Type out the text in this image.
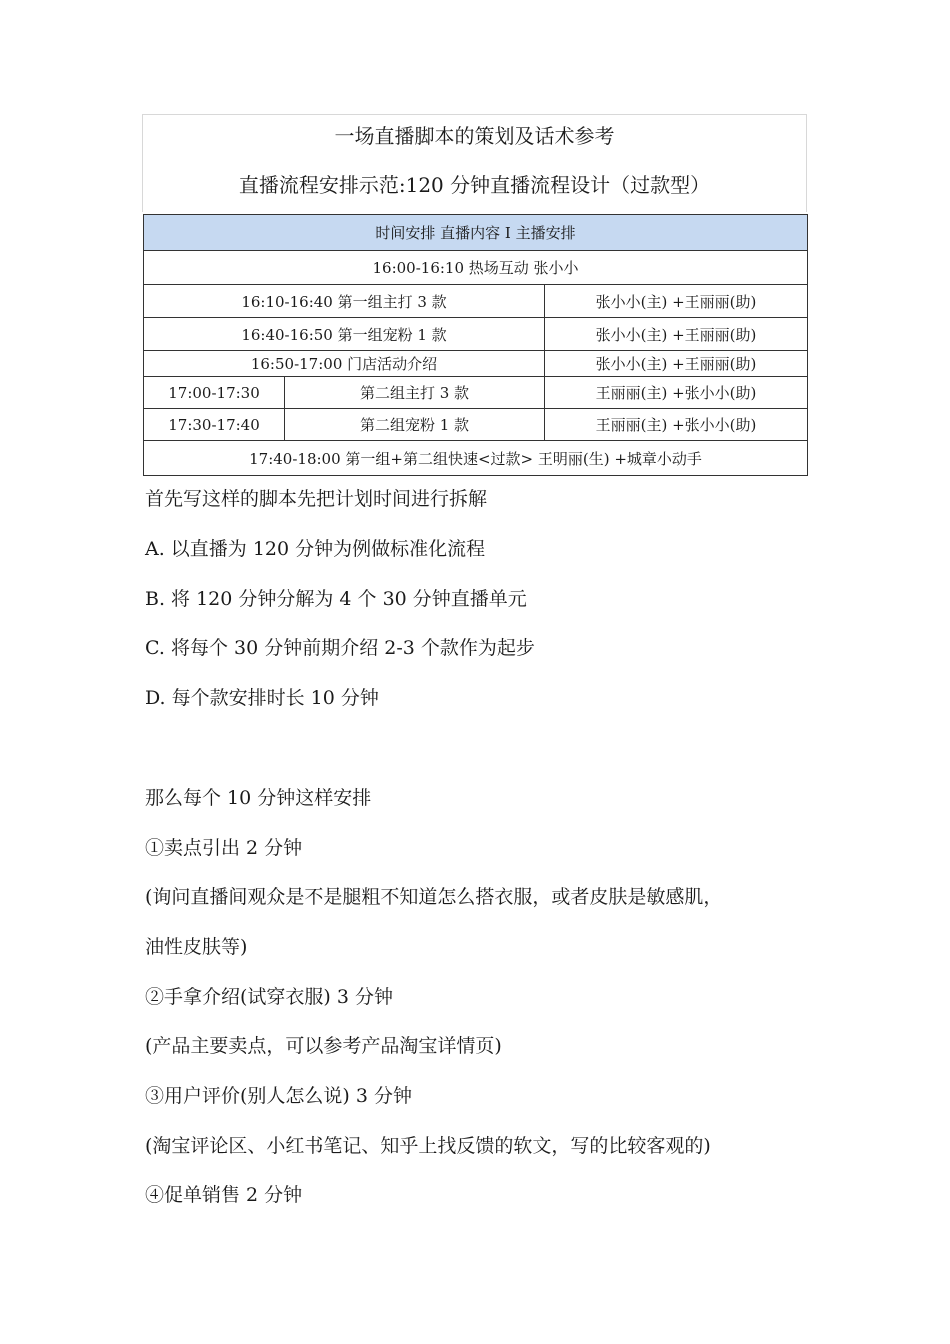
一场直播脚本的策划及话术参考
直播流程安排示范:120 分钟直播流程设计（过款型）
时间安排 直播内容 I 主播安排		
16:00-16:10 热场互动 张小小		
16:10-16:40 第一组主打 3 款		张小小(主) +王丽丽(助)
16:40-16:50 第一组宠粉 1 款		张小小(主) +王丽丽(助)
16:50-17:00 门店活动介绍		张小小(主) +王丽丽(助)
17:00-17:30	第二组主打 3 款	王丽丽(主) +张小小(助)
17:30-17:40	第二组宠粉 1 款	王丽丽(主) +张小小(助)
17:40-18:00 第一组+第二组快速<过款> 王明丽(生) +城章小动手		
首先写这样的脚本先把计划时间进行拆解
A. 以直播为 120 分钟为例做标准化流程
B. 将 120 分钟分解为 4 个 30 分钟直播单元
C. 将每个 30 分钟前期介绍 2-3 个款作为起步
D. 每个款安排时长 10 分钟
那么每个 10 分钟这样安排
①卖点引出 2 分钟
(询问直播间观众是不是腿粗不知道怎么搭衣服，或者皮肤是敏感肌，
油性皮肤等)
②手拿介绍(试穿衣服) 3 分钟
(产品主要卖点，可以参考产品淘宝详情页)
③用户评价(别人怎么说) 3 分钟
(淘宝评论区、小红书笔记、知乎上找反馈的软文，写的比较客观的)
④促单销售 2 分钟
